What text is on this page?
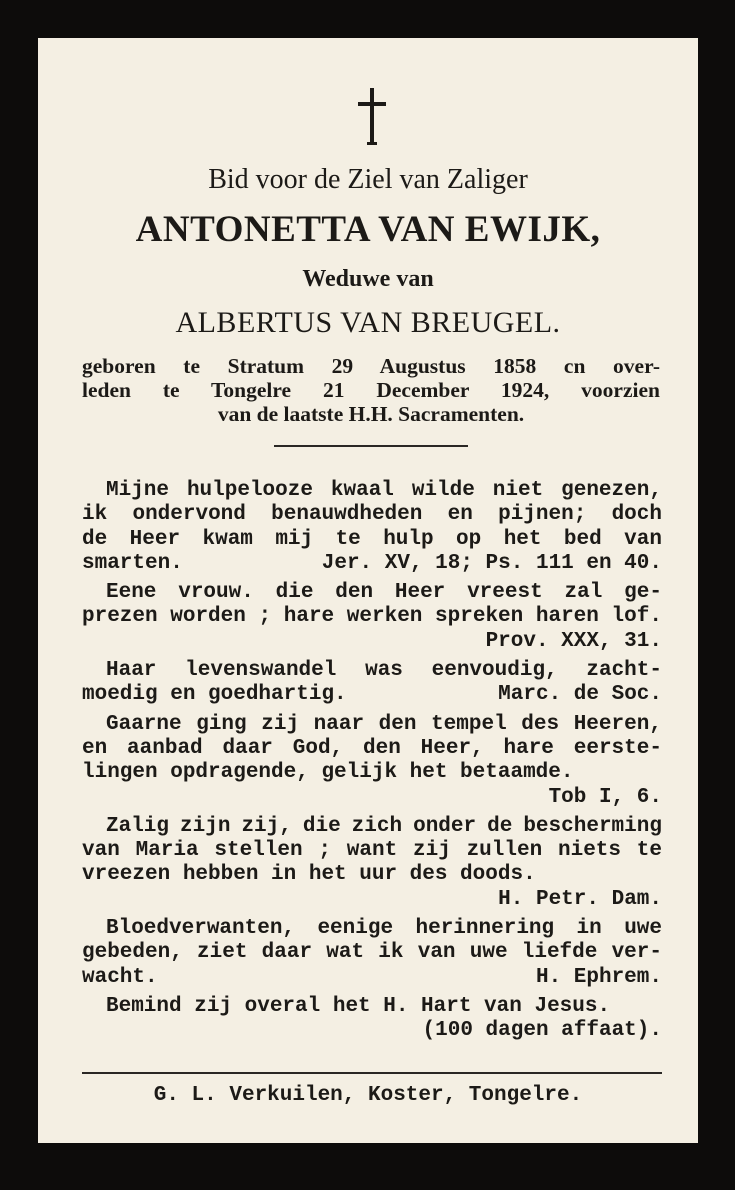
Bid voor de Ziel van Zaliger
ANTONETTA VAN EWIJK,
Weduwe van
ALBERTUS VAN BREUGEL.
geboren te Stratum 29 Augustus 1858 cn over-
leden te Tongelre 21 December 1924, voorzien
van de laatste H.H. Sacramenten.
Mijne hulpelooze kwaal wilde niet genezen,
ik ondervond benauwdheden en pijnen; doch
de Heer kwam mij te hulp op het bed van
smarten.	Jer. XV, 18; Ps. 111 en 40.
Eene vrouw. die den Heer vreest zal ge-
prezen worden ; hare werken spreken haren lof.
Prov. XXX, 31.
Haar levenswandel was eenvoudig, zacht-
moedig en goedhartig.	Marc. de Soc.
Gaarne ging zij naar den tempel des Heeren,
en aanbad daar God, den Heer, hare eerste-
lingen opdragende, gelijk het betaamde.
Tob I, 6.
Zalig zijn zij, die zich onder de bescherming
van Maria stellen ; want zij zullen niets te
vreezen hebben in het uur des doods.
H. Petr. Dam.
Bloedverwanten, eenige herinnering in uwe
gebeden, ziet daar wat ik van uwe liefde ver-
wacht.	H. Ephrem.
Bemind zij overal het H. Hart van Jesus.
(100 dagen affaat).
G. L. Verkuilen, Koster, Tongelre.
